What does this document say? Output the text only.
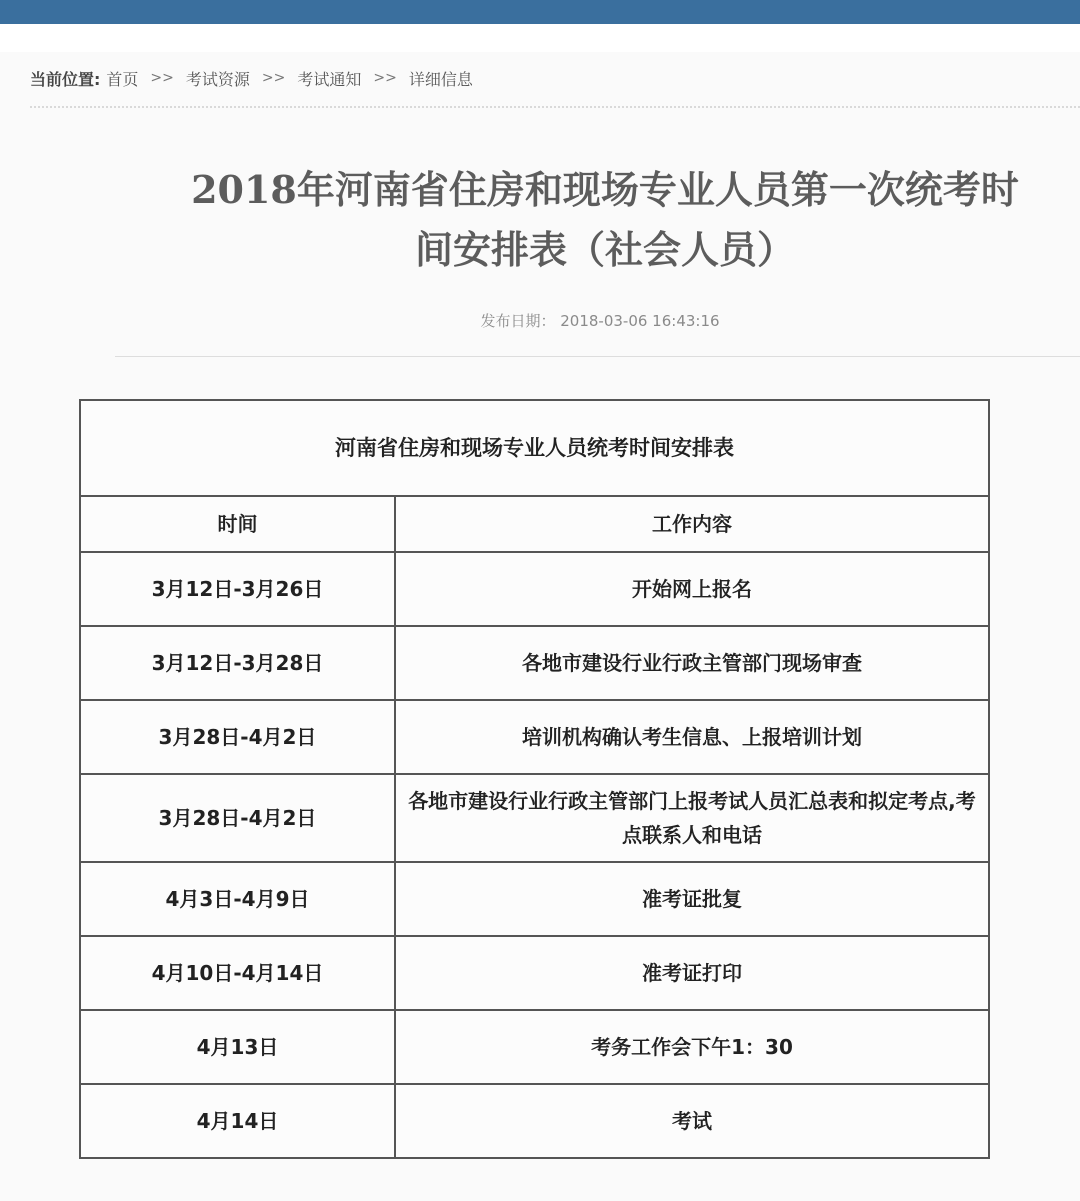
当前位置: 首页 >> 考试资源 >> 考试通知 >> 详细信息
2018年河南省住房和现场专业人员第一次统考时
间安排表（社会人员）
发布日期： 2018-03-06 16:43:16
河南省住房和现场专业人员统考时间安排表	
时间	工作内容
3月12日-3月26日	开始网上报名
3月12日-3月28日	各地市建设行业行政主管部门现场审查
3月28日-4月2日	培训机构确认考生信息、上报培训计划
3月28日-4月2日	各地市建设行业行政主管部门上报考试人员汇总表和拟定考点,考点联系人和电话
4月3日-4月9日	准考证批复
4月10日-4月14日	准考证打印
4月13日	考务工作会下午1：30
4月14日	考试
